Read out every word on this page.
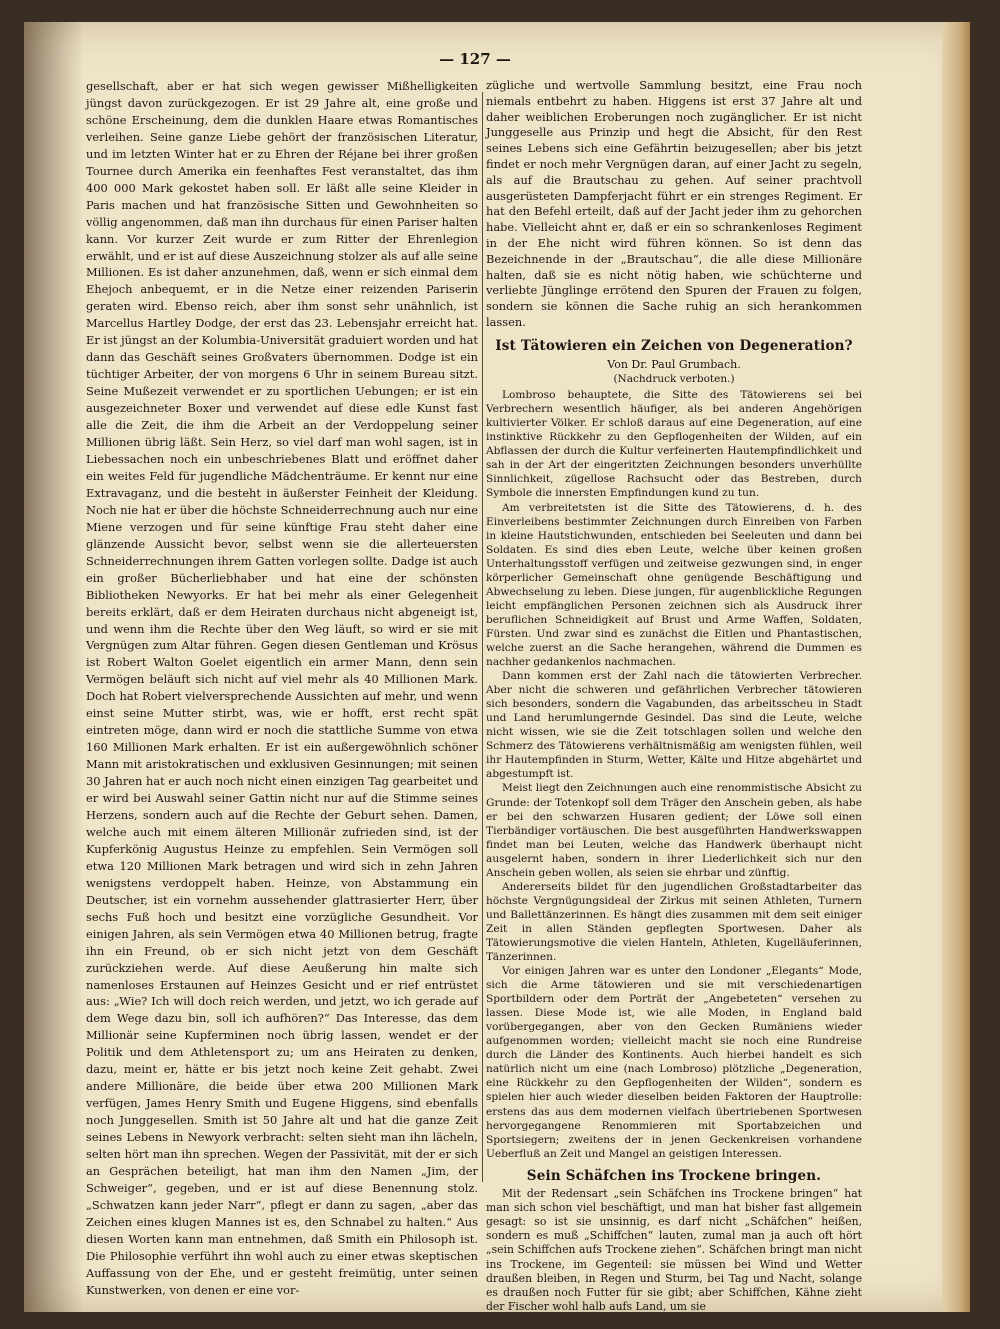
— 127 —

gesellschaft, aber er hat sich wegen gewisser Mißhelligkeiten jüngst davon zurückgezogen. Er ist 29 Jahre alt, eine große und schöne Erscheinung, dem die dunklen Haare etwas Romantisches verleihen. Seine ganze Liebe gehört der französischen Literatur, und im letzten Winter hat er zu Ehren der Réjane bei ihrer großen Tournee durch Amerika ein feenhaftes Fest veranstaltet, das ihm 400 000 Mark gekostet haben soll. Er läßt alle seine Kleider in Paris machen und hat französische Sitten und Gewohnheiten so völlig angenommen, daß man ihn durchaus für einen Pariser halten kann. Vor kurzer Zeit wurde er zum Ritter der Ehrenlegion erwählt, und er ist auf diese Auszeichnung stolzer als auf alle seine Millionen. Es ist daher anzunehmen, daß, wenn er sich einmal dem Ehejoch anbequemt, er in die Netze einer reizenden Pariserin geraten wird. Ebenso reich, aber ihm sonst sehr unähnlich, ist Marcellus Hartley Dodge, der erst das 23. Lebensjahr erreicht hat. Er ist jüngst an der Kolumbia-Universität graduiert worden und hat dann das Geschäft seines Großvaters übernommen. Dodge ist ein tüchtiger Arbeiter, der von morgens 6 Uhr in seinem Bureau sitzt. Seine Mußezeit verwendet er zu sportlichen Uebungen; er ist ein ausgezeichneter Boxer und verwendet auf diese edle Kunst fast alle die Zeit, die ihm die Arbeit an der Verdoppelung seiner Millionen übrig läßt. Sein Herz, so viel darf man wohl sagen, ist in Liebessachen noch ein unbeschriebenes Blatt und eröffnet daher ein weites Feld für jugendliche Mädchenträume. Er kennt nur eine Extravaganz, und die besteht in äußerster Feinheit der Kleidung. Noch nie hat er über die höchste Schneiderrechnung auch nur eine Miene verzogen und für seine künftige Frau steht daher eine glänzende Aussicht bevor, selbst wenn sie die allerteuersten Schneiderrechnungen ihrem Gatten vorlegen sollte. Dadge ist auch ein großer Bücherliebhaber und hat eine der schönsten Bibliotheken Newyorks. Er hat bei mehr als einer Gelegenheit bereits erklärt, daß er dem Heiraten durchaus nicht abgeneigt ist, und wenn ihm die Rechte über den Weg läuft, so wird er sie mit Vergnügen zum Altar führen. Gegen diesen Gentleman und Krösus ist Robert Walton Goelet eigentlich ein armer Mann, denn sein Vermögen beläuft sich nicht auf viel mehr als 40 Millionen Mark. Doch hat Robert vielversprechende Aussichten auf mehr, und wenn einst seine Mutter stirbt, was, wie er hofft, erst recht spät eintreten möge, dann wird er noch die stattliche Summe von etwa 160 Millionen Mark erhalten. Er ist ein außergewöhnlich schöner Mann mit aristokratischen und exklusiven Gesinnungen; mit seinen 30 Jahren hat er auch noch nicht einen einzigen Tag gearbeitet und er wird bei Auswahl seiner Gattin nicht nur auf die Stimme seines Herzens, sondern auch auf die Rechte der Geburt sehen. Damen, welche auch mit einem älteren Millionär zufrieden sind, ist der Kupferkönig Augustus Heinze zu empfehlen. Sein Vermögen soll etwa 120 Millionen Mark betragen und wird sich in zehn Jahren wenigstens verdoppelt haben. Heinze, von Abstammung ein Deutscher, ist ein vornehm aussehender glattrasierter Herr, über sechs Fuß hoch und besitzt eine vorzügliche Gesundheit. Vor einigen Jahren, als sein Vermögen etwa 40 Millionen betrug, fragte ihn ein Freund, ob er sich nicht jetzt von dem Geschäft zurückziehen werde. Auf diese Aeußerung hin malte sich namenloses Erstaunen auf Heinzes Gesicht und er rief entrüstet aus: „Wie? Ich will doch reich werden, und jetzt, wo ich gerade auf dem Wege dazu bin, soll ich aufhören?“ Das Interesse, das dem Millionär seine Kupferminen noch übrig lassen, wendet er der Politik und dem Athletensport zu; um ans Heiraten zu denken, dazu, meint er, hätte er bis jetzt noch keine Zeit gehabt. Zwei andere Millionäre, die beide über etwa 200 Millionen Mark verfügen, James Henry Smith und Eugene Higgens, sind ebenfalls noch Junggesellen. Smith ist 50 Jahre alt und hat die ganze Zeit seines Lebens in Newyork verbracht: selten sieht man ihn lächeln, selten hört man ihn sprechen. Wegen der Passivität, mit der er sich an Gesprächen beteiligt, hat man ihm den Namen „Jim, der Schweiger“, gegeben, und er ist auf diese Benennung stolz. „Schwatzen kann jeder Narr“, pflegt er dann zu sagen, „aber das Zeichen eines klugen Mannes ist es, den Schnabel zu halten.“ Aus diesen Worten kann man entnehmen, daß Smith ein Philosoph ist. Die Philosophie verführt ihn wohl auch zu einer etwas skeptischen Auffassung von der Ehe, und er gesteht freimütig, unter seinen Kunstwerken, von denen er eine vor-

zügliche und wertvolle Sammlung besitzt, eine Frau noch niemals entbehrt zu haben. Higgens ist erst 37 Jahre alt und daher weiblichen Eroberungen noch zugänglicher. Er ist nicht Junggeselle aus Prinzip und hegt die Absicht, für den Rest seines Lebens sich eine Gefährtin beizugesellen; aber bis jetzt findet er noch mehr Vergnügen daran, auf einer Jacht zu segeln, als auf die Brautschau zu gehen. Auf seiner prachtvoll ausgerüsteten Dampferjacht führt er ein strenges Regiment. Er hat den Befehl erteilt, daß auf der Jacht jeder ihm zu gehorchen habe. Vielleicht ahnt er, daß er ein so schrankenloses Regiment in der Ehe nicht wird führen können. So ist denn das Bezeichnende in der „Brautschau“, die alle diese Millionäre halten, daß sie es nicht nötig haben, wie schüchterne und verliebte Jünglinge errötend den Spuren der Frauen zu folgen, sondern sie können die Sache ruhig an sich herankommen lassen.

Ist Tätowieren ein Zeichen von Degeneration?

Von Dr. Paul Grumbach.

(Nachdruck verboten.)

Lombroso behauptete, die Sitte des Tätowierens sei bei Verbrechern wesentlich häufiger, als bei anderen Angehörigen kultivierter Völker. Er schloß daraus auf eine Degeneration, auf eine instinktive Rückkehr zu den Gepflogenheiten der Wilden, auf ein Abflassen der durch die Kultur verfeinerten Hautempfindlichkeit und sah in der Art der eingeritzten Zeichnungen besonders unverhüllte Sinnlichkeit, zügellose Rachsucht oder das Bestreben, durch Symbole die innersten Empfindungen kund zu tun.

Am verbreitetsten ist die Sitte des Tätowierens, d. h. des Einverleibens bestimmter Zeichnungen durch Einreiben von Farben in kleine Hautstichwunden, entschieden bei Seeleuten und dann bei Soldaten. Es sind dies eben Leute, welche über keinen großen Unterhaltungsstoff verfügen und zeitweise gezwungen sind, in enger körperlicher Gemeinschaft ohne genügende Beschäftigung und Abwechselung zu leben. Diese jungen, für augenblickliche Regungen leicht empfänglichen Personen zeichnen sich als Ausdruck ihrer beruflichen Schneidigkeit auf Brust und Arme Waffen, Soldaten, Fürsten. Und zwar sind es zunächst die Eitlen und Phantastischen, welche zuerst an die Sache herangehen, während die Dummen es nachher gedankenlos nachmachen.

Dann kommen erst der Zahl nach die tätowierten Verbrecher. Aber nicht die schweren und gefährlichen Verbrecher tätowieren sich besonders, sondern die Vagabunden, das arbeitsscheu in Stadt und Land herumlungernde Gesindel. Das sind die Leute, welche nicht wissen, wie sie die Zeit totschlagen sollen und welche den Schmerz des Tätowierens verhältnismäßig am wenigsten fühlen, weil ihr Hautempfinden in Sturm, Wetter, Kälte und Hitze abgehärtet und abgestumpft ist.

Meist liegt den Zeichnungen auch eine renommistische Absicht zu Grunde: der Totenkopf soll dem Träger den Anschein geben, als habe er bei den schwarzen Husaren gedient; der Löwe soll einen Tierbändiger vortäuschen. Die best ausgeführten Handwerkswappen findet man bei Leuten, welche das Handwerk überhaupt nicht ausgelernt haben, sondern in ihrer Liederlichkeit sich nur den Anschein geben wollen, als seien sie ehrbar und zünftig.

Andererseits bildet für den jugendlichen Großstadtarbeiter das höchste Vergnügungsideal der Zirkus mit seinen Athleten, Turnern und Ballettänzerinnen. Es hängt dies zusammen mit dem seit einiger Zeit in allen Ständen gepflegten Sportwesen. Daher als Tätowierungsmotive die vielen Hanteln, Athleten, Kugelläuferinnen, Tänzerinnen.

Vor einigen Jahren war es unter den Londoner „Elegants“ Mode, sich die Arme tätowieren und sie mit verschiedenartigen Sportbildern oder dem Porträt der „Angebeteten“ versehen zu lassen. Diese Mode ist, wie alle Moden, in England bald vorübergegangen, aber von den Gecken Rumäniens wieder aufgenommen worden; vielleicht macht sie noch eine Rundreise durch die Länder des Kontinents. Auch hierbei handelt es sich natürlich nicht um eine (nach Lombroso) plötzliche „Degeneration, eine Rückkehr zu den Gepflogenheiten der Wilden“, sondern es spielen hier auch wieder dieselben beiden Faktoren der Hauptrolle: erstens das aus dem modernen vielfach übertriebenen Sportwesen hervorgegangene Renommieren mit Sportabzeichen und Sportsiegern; zweitens der in jenen Geckenkreisen vorhandene Ueberfluß an Zeit und Mangel an geistigen Interessen.

Sein Schäfchen ins Trockene bringen.

Mit der Redensart „sein Schäfchen ins Trockene bringen“ hat man sich schon viel beschäftigt, und man hat bisher fast allgemein gesagt: so ist sie unsinnig, es darf nicht „Schäfchen“ heißen, sondern es muß „Schiffchen“ lauten, zumal man ja auch oft hört „sein Schiffchen aufs Trockene ziehen“. Schäfchen bringt man nicht ins Trockene, im Gegenteil: sie müssen bei Wind und Wetter draußen bleiben, in Regen und Sturm, bei Tag und Nacht, solange es draußen noch Futter für sie gibt; aber Schiffchen, Kähne zieht der Fischer wohl halb aufs Land, um sie
